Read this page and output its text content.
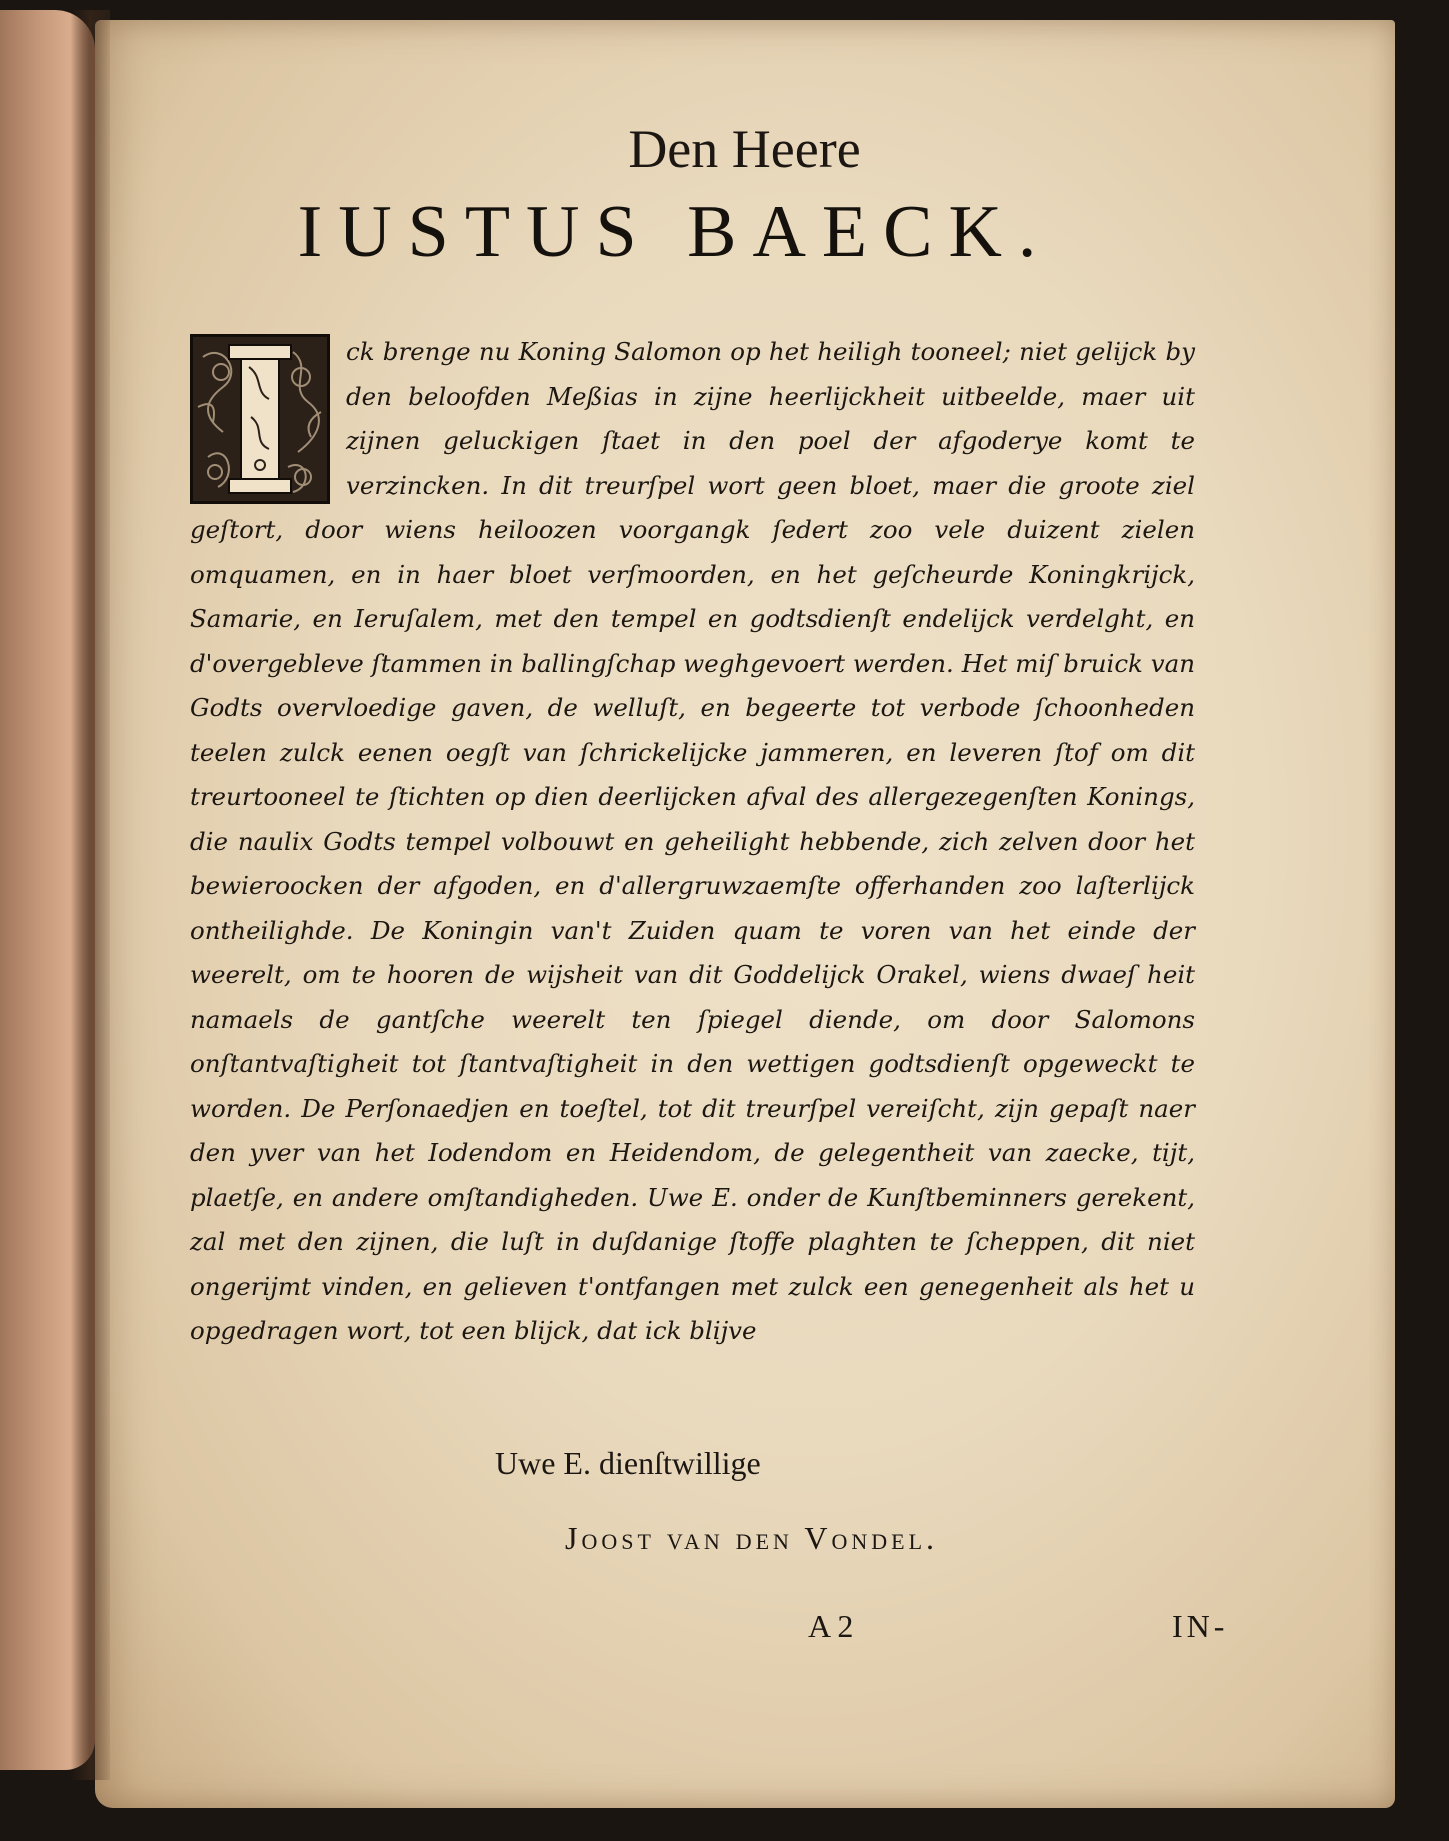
Den Heere
IUSTUS BAECK.
ck brenge nu Koning Salomon op het heiligh tooneel; niet gelijck by den beloofden Meßias in zijne heerlijckheit uitbeelde, maer uit zijnen geluckigen ſtaet in den poel der afgoderye komt te verzincken. In dit treurſpel wort geen bloet, maer die groote ziel geſtort, door wiens heiloozen voorgangk ſedert zoo vele duizent zielen omquamen, en in haer bloet verſmoorden, en het geſcheurde Koningkrijck, Samarie, en Ieruſalem, met den tempel en godtsdienſt endelijck verdelght, en d'overgebleve ſtammen in ballingſchap weghgevoert werden. Het miſ bruick van Godts overvloedige gaven, de welluſt, en begeerte tot verbode ſchoonheden teelen zulck eenen oegſt van ſchrickelijcke jammeren, en leveren ſtof om dit treurtooneel te ſtichten op dien deerlijcken afval des allergezegenſten Konings, die naulix Godts tempel volbouwt en geheilight hebbende, zich zelven door het bewieroocken der afgoden, en d'allergruwzaemſte offerhanden zoo laſterlijck ontheilighde. De Koningin van't Zuiden quam te voren van het einde der weerelt, om te hooren de wijsheit van dit Goddelijck Orakel, wiens dwaeſ heit namaels de gantſche weerelt ten ſpiegel diende, om door Salomons onſtantvaſtigheit tot ſtantvaſtigheit in den wettigen godtsdienſt opgeweckt te worden. De Perſonaedjen en toeſtel, tot dit treurſpel vereiſcht, zijn gepaſt naer den yver van het Iodendom en Heidendom, de gelegentheit van zaecke, tijt, plaetſe, en andere omſtandigheden. Uwe E. onder de Kunſtbeminners gerekent, zal met den zijnen, die luſt in duſdanige ſtoffe plaghten te ſcheppen, dit niet ongerijmt vinden, en gelieven t'ontfangen met zulck een genegenheit als het u opgedragen wort, tot een blijck, dat ick blijve
Uwe E. dienſtwillige
Joost van den Vondel.
A 2	IN-
